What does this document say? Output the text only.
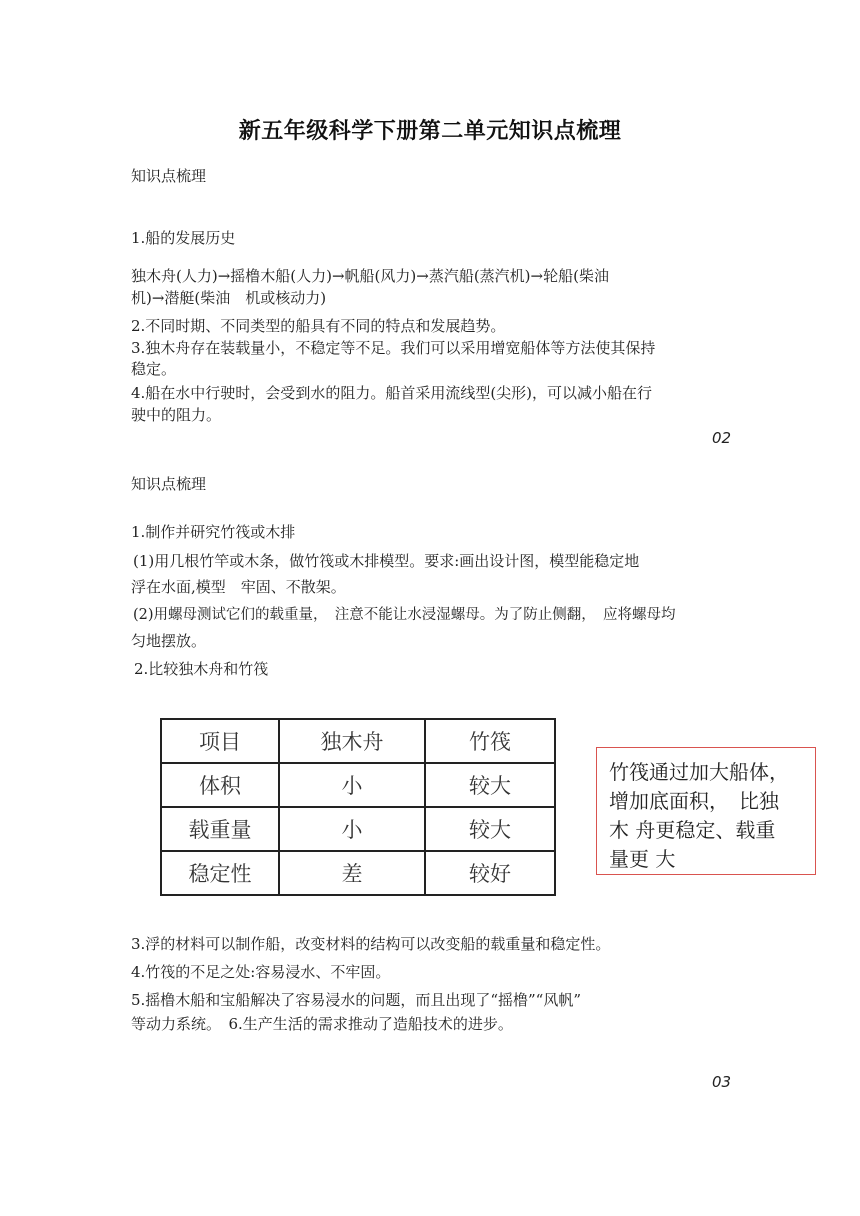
新五年级科学下册第二单元知识点梳理
知识点梳理
1.船的发展历史
独木舟(人力)→摇橹木船(人力)→帆船(风力)→蒸汽船(蒸汽机)→轮船(柴油
机)→潜艇(柴油　机或核动力)
2.不同时期、不同类型的船具有不同的特点和发展趋势。
3.独木舟存在装载量小，不稳定等不足。我们可以采用增宽船体等方法使其保持
稳定。
4.船在水中行驶时，会受到水的阻力。船首采用流线型(尖形)，可以减小船在行
驶中的阻力。
02
知识点梳理
1.制作并研究竹筏或木排
(1)用几根竹竿或木条，做竹筏或木排模型。要求:画出设计图，模型能稳定地
浮在水面,模型　牢固、不散架。
(2)用螺母测试它们的载重量，　注意不能让水浸湿螺母。为了防止侧翻，　应将螺母均
匀地摆放。
2.比较独木舟和竹筏
项目	独木舟	竹筏
体积	小	较大
载重量	小	较大
稳定性	差	较好
竹筏通过加大船体，
增加底面积，　比独
木 舟更稳定、载重
量更 大
3.浮的材料可以制作船，改变材料的结构可以改变船的载重量和稳定性。
4.竹筏的不足之处:容易浸水、不牢固。
5.摇橹木船和宝船解决了容易浸水的问题，而且出现了“摇橹”“风帆”
等动力系统。　6.生产生活的需求推动了造船技术的进步。
03
